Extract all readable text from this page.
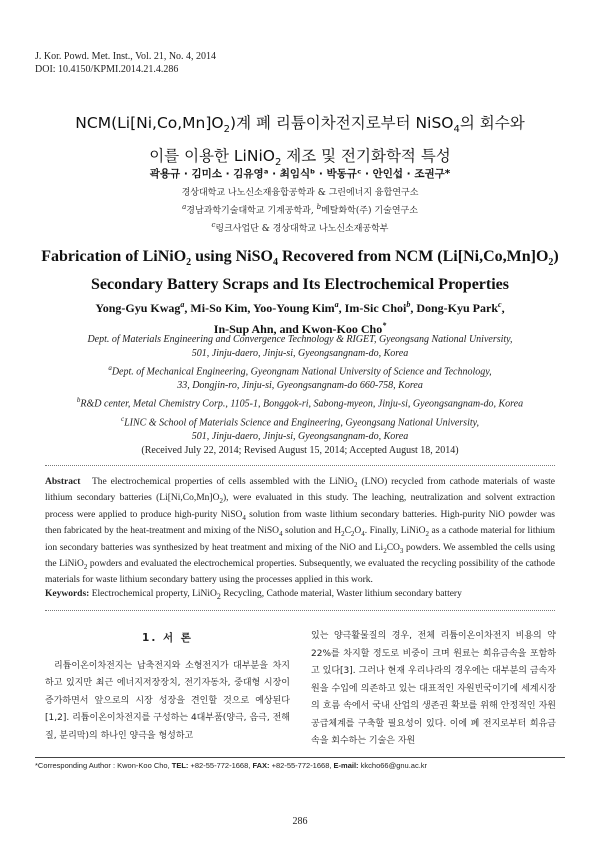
J. Kor. Powd. Met. Inst., Vol. 21, No. 4, 2014
DOI: 10.4150/KPMI.2014.21.4.286
$NCM(Li[Ni,Co,Mn]O_2)$계 폐 리튬이차전지로부터 NiSO$_4$의 회수와
이를 이용한 LiNiO$_2$ 제조 및 전기화학적 특성
곽용규 · 김미소 · 김유영ᵃ · 최임식ᵇ · 박동규ᶜ · 안인섭 · 조권구*
경상대학교 나노신소재융합공학과 & 그린에너지 융합연구소
$^a$경남과학기술대학교 기계공학과, $^b$메탈화학(주) 기술연구소
$^c$링크사업단 & 경상대학교 나노신소재공학부
Fabrication of LiNiO$_2$ using NiSO$_4$ Recovered from NCM $(Li[Ni,Co,Mn]O_2)$
Secondary Battery Scraps and Its Electrochemical Properties
Yong-Gyu Kwag$^a$, Mi-So Kim, Yoo-Young Kim$^a$, Im-Sic Choi$^b$, Dong-Kyu Park$^c$,
In-Sup Ahn, and Kwon-Koo Cho*
Dept. of Materials Engineering and Convergence Technology & RIGET, Gyeongsang National University,
501, Jinju-daero, Jinju-si, Gyeongsangnam-do, Korea
$^a$Dept. of Mechanical Engineering, Gyeongnam National University of Science and Technology,
33, Dongjin-ro, Jinju-si, Gyeongsangnam-do 660-758, Korea
$^b$R&D center, Metal Chemistry Corp., 1105-1, Bonggok-ri, Sabong-myeon, Jinju-si, Gyeongsangnam-do, Korea
$^c$LINC & School of Materials Science and Engineering, Gyeongsang National University,
501, Jinju-daero, Jinju-si, Gyeongsangnam-do, Korea
(Received July 22, 2014; Revised August 15, 2014; Accepted August 18, 2014)
Abstract The electrochemical properties of cells assembled with the LiNiO$_2$ (LNO) recycled from cathode materials of waste lithium secondary batteries $(Li[Ni,Co,Mn]O_2)$, were evaluated in this study. The leaching, neutralization and solvent extraction process were applied to produce high-purity NiSO$_4$ solution from waste lithium secondary batteries. High-purity NiO powder was then fabricated by the heat-treatment and mixing of the NiSO$_4$ solution and $H_2C_2O_4$. Finally, LiNiO$_2$ as a cathode material for lithium ion secondary batteries was synthesized by heat treatment and mixing of the NiO and $Li_2CO_3$ powders. We assembled the cells using the LiNiO$_2$ powders and evaluated the electrochemical properties. Subsequently, we evaluated the recycling possibility of the cathode materials for waste lithium secondary battery using the processes applied in this work.
Keywords: Electrochemical property, LiNiO$_2$ Recycling, Cathode material, Waster lithium secondary battery
1. 서 론
리튬이온이차전지는 납축전지와 소형전지가 대부분을 차지하고 있지만 최근 에너지저장장치, 전기자동차, 중대형 시장이 증가하면서 앞으로의 시장 성장을 견인할 것으로 예상된다[1,2]. 리튬이온이차전지를 구성하는 4대부품(양극, 음극, 전해질, 분리막)의 하나인 양극을 형성하고
있는 양극활물질의 경우, 전체 리튬이온이차전지 비용의 약 22%를 차지할 정도로 비중이 크며 원료는 희유금속을 포함하고 있다[3]. 그러나 현재 우리나라의 경우에는 대부분의 금속자원을 수입에 의존하고 있는 대표적인 자원빈국이기에 세계시장의 흐름 속에서 국내 산업의 생존권 확보를 위해 안정적인 자원공급체계를 구축할 필요성이 있다. 이에 폐 전지로부터 희유금속을 회수하는 기술은 자원
*Corresponding Author : Kwon-Koo Cho, TEL: +82-55-772-1668, FAX: +82-55-772-1668, E-mail: kkcho66@gnu.ac.kr
286
